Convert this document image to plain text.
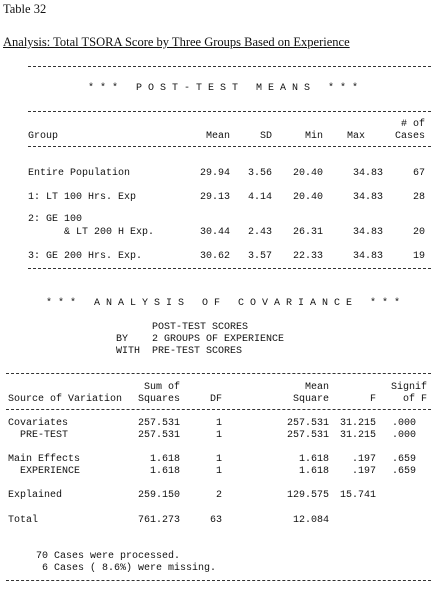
Table 32
Analysis: Total TSORA Score by Three Groups Based on Experience
* * *   P O S T - T E S T   M E A N S   * * *
# of
Group	Mean	SD	Min	Max	Cases
Entire Population	29.94	3.56	20.40	34.83	67
1: LT 100 Hrs. Exp	29.13	4.14	20.40	34.83	28
2: GE 100
& LT 200 H Exp.	30.44	2.43	26.31	34.83	20
3: GE 200 Hrs. Exp.	30.62	3.57	22.33	34.83	19
* * *   A N A L Y S I S   O F   C O V A R I A N C E   * * *
POST-TEST SCORES
BY 2 GROUPS OF EXPERIENCE
WITH PRE-TEST SCORES
Sum of	Mean	Signif
Source of Variation	Squares	DF	Square	F	of F
Covariates	257.531	1	257.531	31.215	.000
PRE-TEST	257.531	1	257.531	31.215	.000
Main Effects	1.618	1	1.618	.197	.659
EXPERIENCE	1.618	1	1.618	.197	.659
Explained	259.150	2	129.575	15.741
Total	761.273	63	12.084
70 Cases were processed.
6 Cases ( 8.6%) were missing.
